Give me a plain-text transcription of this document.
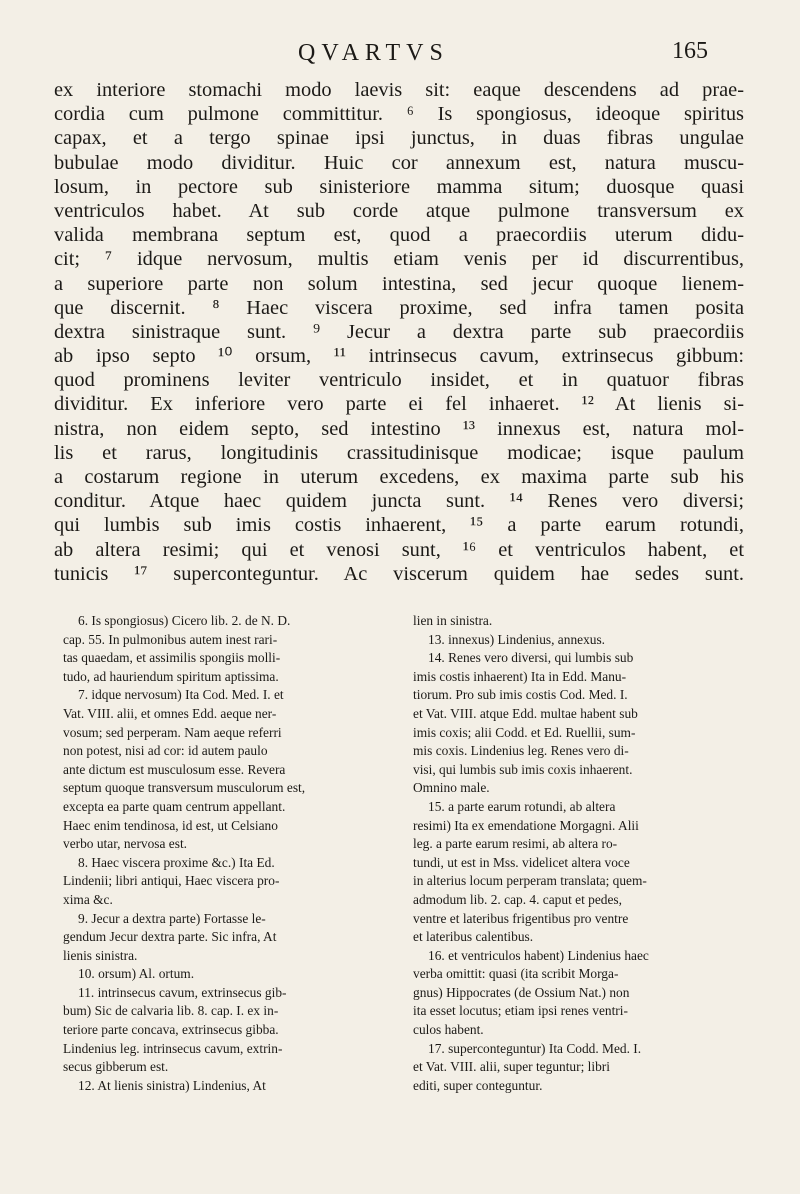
QVARTVS	165
ex interiore stomachi modo laevis sit: eaque descendens ad prae-
cordia cum pulmone committitur. ⁶ Is spongiosus, ideoque spiritus
capax, et a tergo spinae ipsi junctus, in duas fibras ungulae
bubulae modo dividitur. Huic cor annexum est, natura muscu-
losum, in pectore sub sinisteriore mamma situm; duosque quasi
ventriculos habet. At sub corde atque pulmone transversum ex
valida membrana septum est, quod a praecordiis uterum didu-
cit; ⁷ idque nervosum, multis etiam venis per id discurrentibus,
a superiore parte non solum intestina, sed jecur quoque lienem-
que discernit. ⁸ Haec viscera proxime, sed infra tamen posita
dextra sinistraque sunt. ⁹ Jecur a dextra parte sub praecordiis
ab ipso septo ¹⁰ orsum, ¹¹ intrinsecus cavum, extrinsecus gibbum:
quod prominens leviter ventriculo insidet, et in quatuor fibras
dividitur. Ex inferiore vero parte ei fel inhaeret. ¹² At lienis si-
nistra, non eidem septo, sed intestino ¹³ innexus est, natura mol-
lis et rarus, longitudinis crassitudinisque modicae; isque paulum
a costarum regione in uterum excedens, ex maxima parte sub his
conditur. Atque haec quidem juncta sunt. ¹⁴ Renes vero diversi;
qui lumbis sub imis costis inhaerent, ¹⁵ a parte earum rotundi,
ab altera resimi; qui et venosi sunt, ¹⁶ et ventriculos habent, et
tunicis ¹⁷ superconteguntur. Ac viscerum quidem hae sedes sunt.
6. Is spongiosus) Cicero lib. 2. de N. D.
cap. 55. In pulmonibus autem inest rari-
tas quaedam, et assimilis spongiis molli-
tudo, ad hauriendum spiritum aptissima.
7. idque nervosum) Ita Cod. Med. I. et
Vat. VIII. alii, et omnes Edd. aeque ner-
vosum; sed perperam. Nam aeque referri
non potest, nisi ad cor: id autem paulo
ante dictum est musculosum esse. Revera
septum quoque transversum musculorum est,
excepta ea parte quam centrum appellant.
Haec enim tendinosa, id est, ut Celsiano
verbo utar, nervosa est.
8. Haec viscera proxime &c.) Ita Ed.
Lindenii; libri antiqui, Haec viscera pro-
xima &c.
9. Jecur a dextra parte) Fortasse le-
gendum Jecur dextra parte. Sic infra, At
lienis sinistra.
10. orsum) Al. ortum.
11. intrinsecus cavum, extrinsecus gib-
bum) Sic de calvaria lib. 8. cap. I. ex in-
teriore parte concava, extrinsecus gibba.
Lindenius leg. intrinsecus cavum, extrin-
secus gibberum est.
12. At lienis sinistra) Lindenius, At
lien in sinistra.
13. innexus) Lindenius, annexus.
14. Renes vero diversi, qui lumbis sub
imis costis inhaerent) Ita in Edd. Manu-
tiorum. Pro sub imis costis Cod. Med. I.
et Vat. VIII. atque Edd. multae habent sub
imis coxis; alii Codd. et Ed. Ruellii, sum-
mis coxis. Lindenius leg. Renes vero di-
visi, qui lumbis sub imis coxis inhaerent.
Omnino male.
15. a parte earum rotundi, ab altera
resimi) Ita ex emendatione Morgagni. Alii
leg. a parte earum resimi, ab altera ro-
tundi, ut est in Mss. videlicet altera voce
in alterius locum perperam translata; quem-
admodum lib. 2. cap. 4. caput et pedes,
ventre et lateribus frigentibus pro ventre
et lateribus calentibus.
16. et ventriculos habent) Lindenius haec
verba omittit: quasi (ita scribit Morga-
gnus) Hippocrates (de Ossium Nat.) non
ita esset locutus; etiam ipsi renes ventri-
culos habent.
17. superconteguntur) Ita Codd. Med. I.
et Vat. VIII. alii, super teguntur; libri
editi, super conteguntur.
